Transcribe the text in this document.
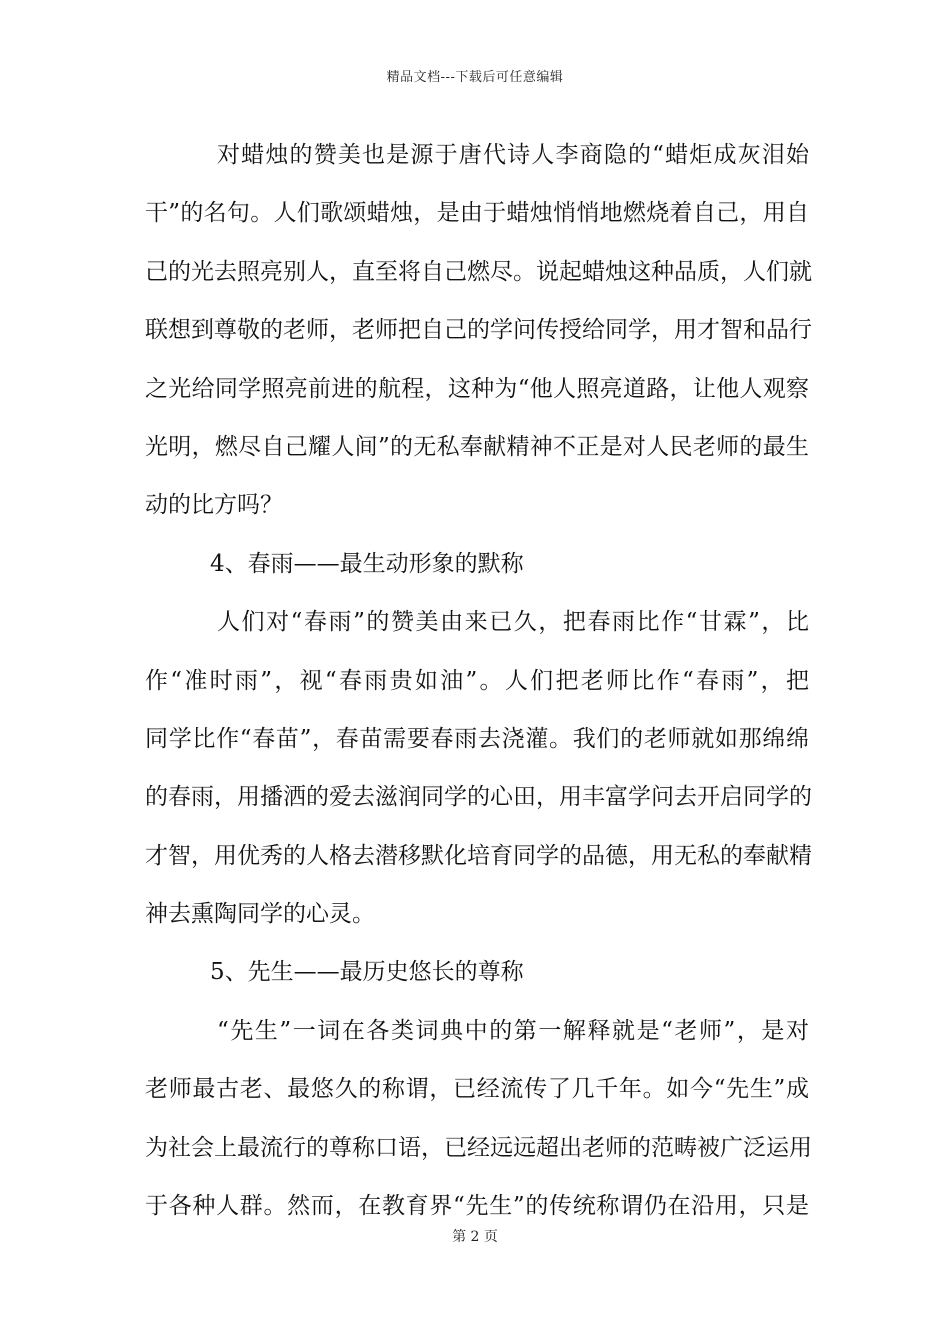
精品文档---下载后可任意编辑
对蜡烛的赞美也是源于唐代诗人李商隐的“蜡炬成灰泪始
干”的名句。人们歌颂蜡烛，是由于蜡烛悄悄地燃烧着自己，用自
己的光去照亮别人，直至将自己燃尽。说起蜡烛这种品质，人们就
联想到尊敬的老师，老师把自己的学问传授给同学，用才智和品行
之光给同学照亮前进的航程，这种为“他人照亮道路，让他人观察
光明，燃尽自己耀人间”的无私奉献精神不正是对人民老师的最生
动的比方吗？
4、春雨——最生动形象的默称
人们对“春雨”的赞美由来已久，把春雨比作“甘霖”，比
作“准时雨”，视“春雨贵如油”。人们把老师比作“春雨”，把
同学比作“春苗”，春苗需要春雨去浇灌。我们的老师就如那绵绵
的春雨，用播洒的爱去滋润同学的心田，用丰富学问去开启同学的
才智，用优秀的人格去潜移默化培育同学的品德，用无私的奉献精
神去熏陶同学的心灵。
5、先生——最历史悠长的尊称
“先生”一词在各类词典中的第一解释就是“老师”，是对
老师最古老、最悠久的称谓，已经流传了几千年。如今“先生”成
为社会上最流行的尊称口语，已经远远超出老师的范畴被广泛运用
于各种人群。然而，在教育界“先生”的传统称谓仍在沿用，只是
第 2 页
